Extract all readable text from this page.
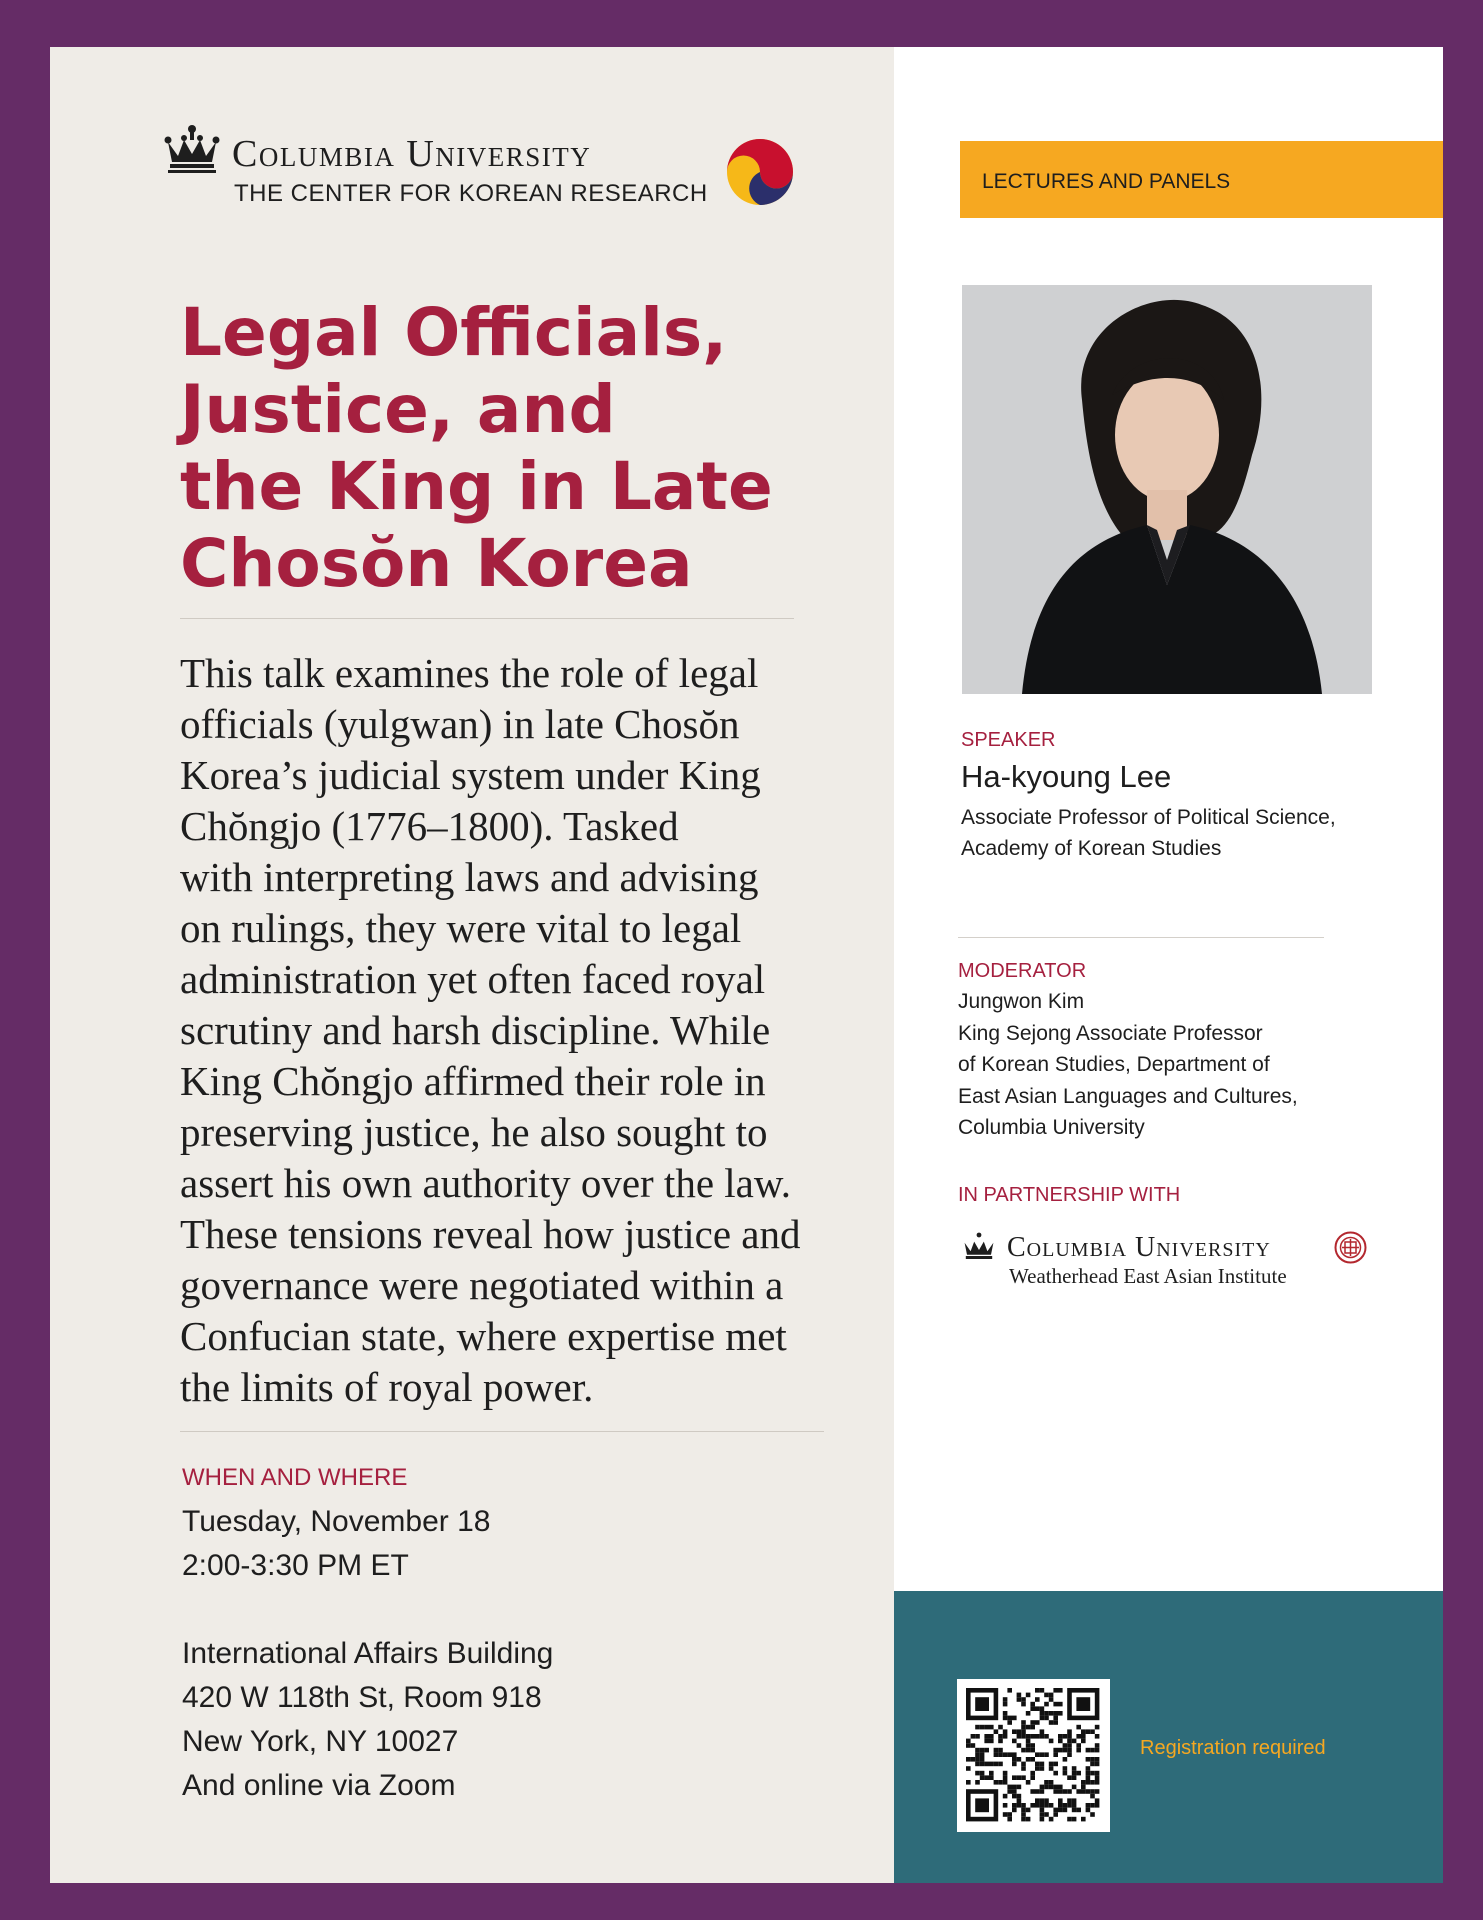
Columbia University
THE CENTER FOR KOREAN RESEARCH
Legal Officials,
Justice, and
the King in Late
Chosŏn Korea
This talk examines the role of legal
officials (yulgwan) in late Chosŏn
Korea’s judicial system under King
Chŏngjo (1776–1800). Tasked
with interpreting laws and advising
on rulings, they were vital to legal
administration yet often faced royal
scrutiny and harsh discipline. While
King Chŏngjo affirmed their role in
preserving justice, he also sought to
assert his own authority over the law.
These tensions reveal how justice and
governance were negotiated within a
Confucian state, where expertise met
the limits of royal power.
WHEN AND WHERE
Tuesday, November 18
2:00-3:30 PM ET
International Affairs Building
420 W 118th St, Room 918
New York, NY 10027
And online via Zoom
LECTURES AND PANELS
SPEAKER
Ha-kyoung Lee
Associate Professor of Political Science,
Academy of Korean Studies
MODERATOR
Jungwon Kim
King Sejong Associate Professor
of Korean Studies, Department of
East Asian Languages and Cultures,
Columbia University
IN PARTNERSHIP WITH
Columbia University
Weatherhead East Asian Institute
Registration required
